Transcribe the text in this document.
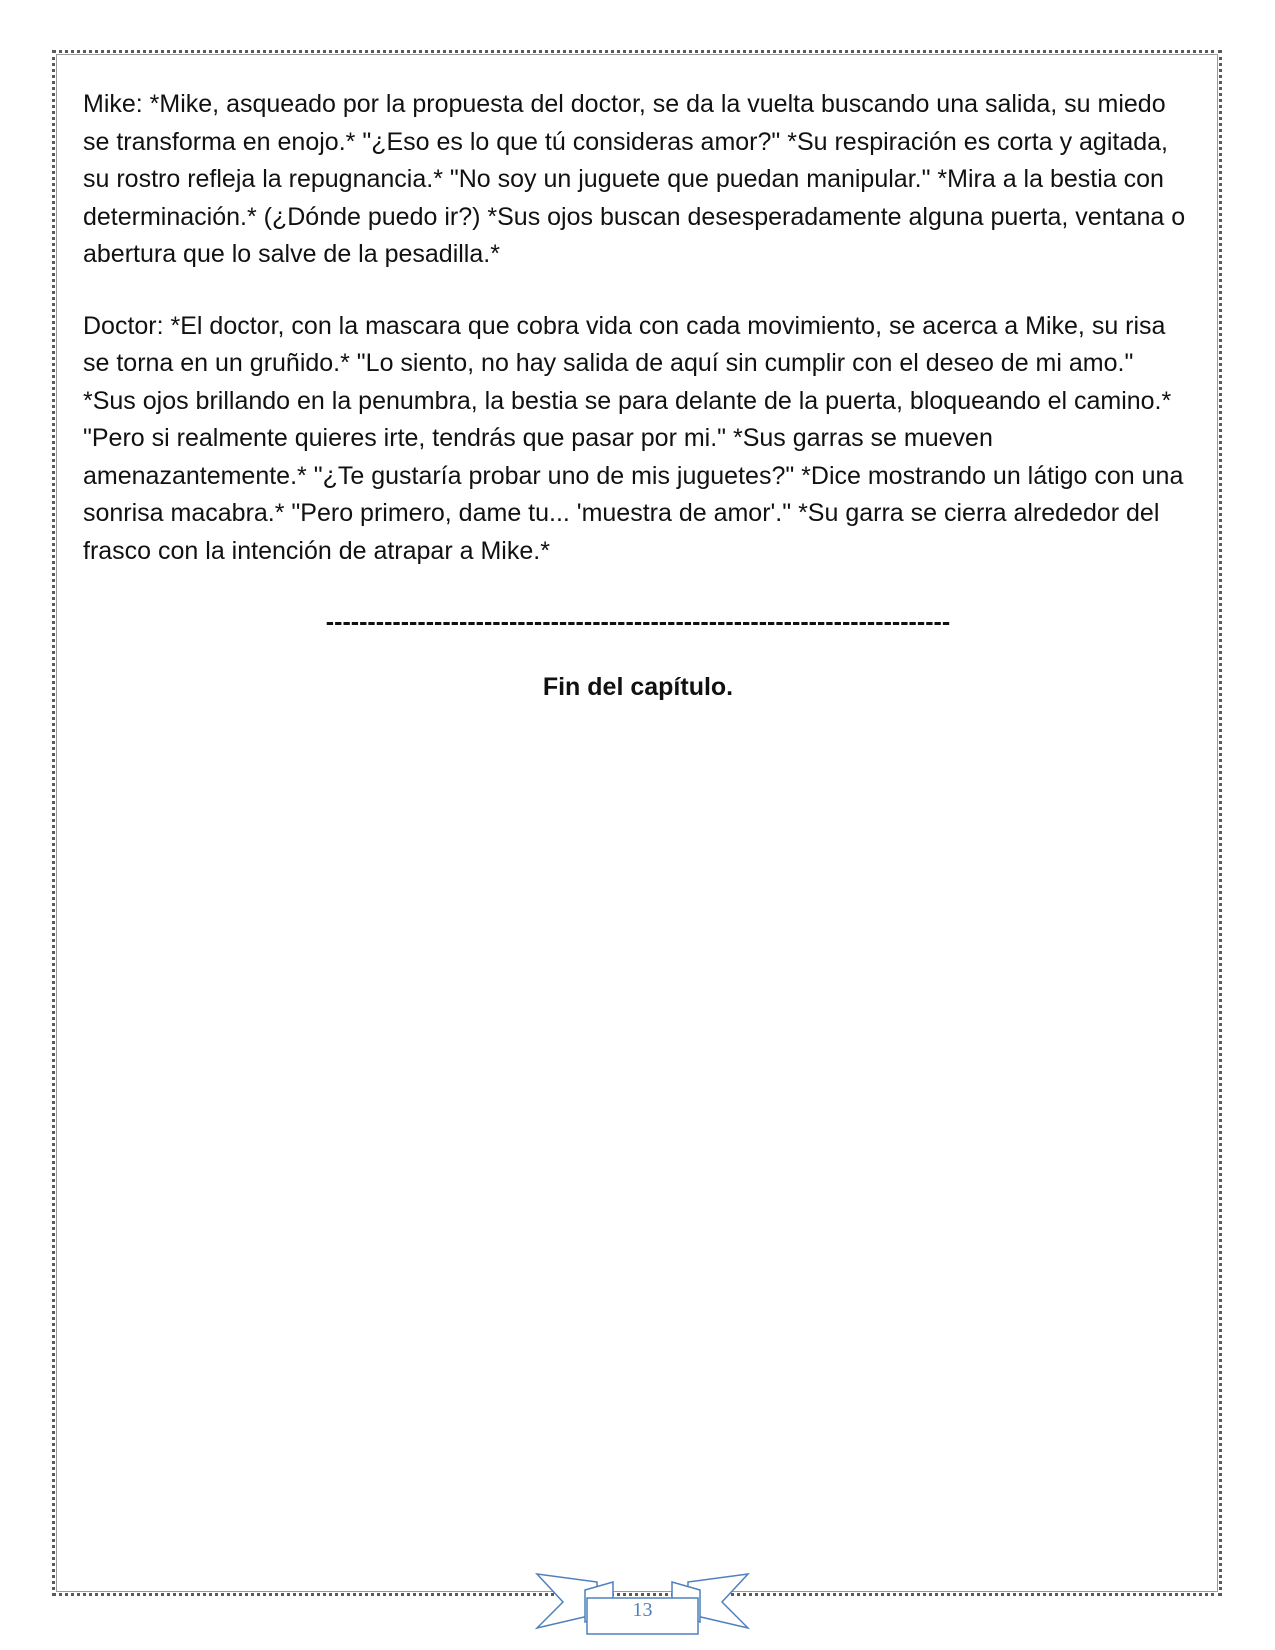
Mike: *Mike, asqueado por la propuesta del doctor, se da la vuelta buscando una salida, su miedo se transforma en enojo.* "¿Eso es lo que tú consideras amor?" *Su respiración es corta y agitada, su rostro refleja la repugnancia.* "No soy un juguete que puedan manipular." *Mira a la bestia con determinación.* (¿Dónde puedo ir?) *Sus ojos buscan desesperadamente alguna puerta, ventana o abertura que lo salve de la pesadilla.*

Doctor: *El doctor, con la mascara que cobra vida con cada movimiento, se acerca a Mike, su risa se torna en un gruñido.* "Lo siento, no hay salida de aquí sin cumplir con el deseo de mi amo." *Sus ojos brillando en la penumbra, la bestia se para delante de la puerta, bloqueando el camino.* "Pero si realmente quieres irte, tendrás que pasar por mi." *Sus garras se mueven amenazantemente.* "¿Te gustaría probar uno de mis juguetes?" *Dice mostrando un látigo con una sonrisa macabra.* "Pero primero, dame tu... 'muestra de amor'." *Su garra se cierra alrededor del frasco con la intención de atrapar a Mike.*

---------------------------------------------------------------------------
Fin del capítulo.
13
